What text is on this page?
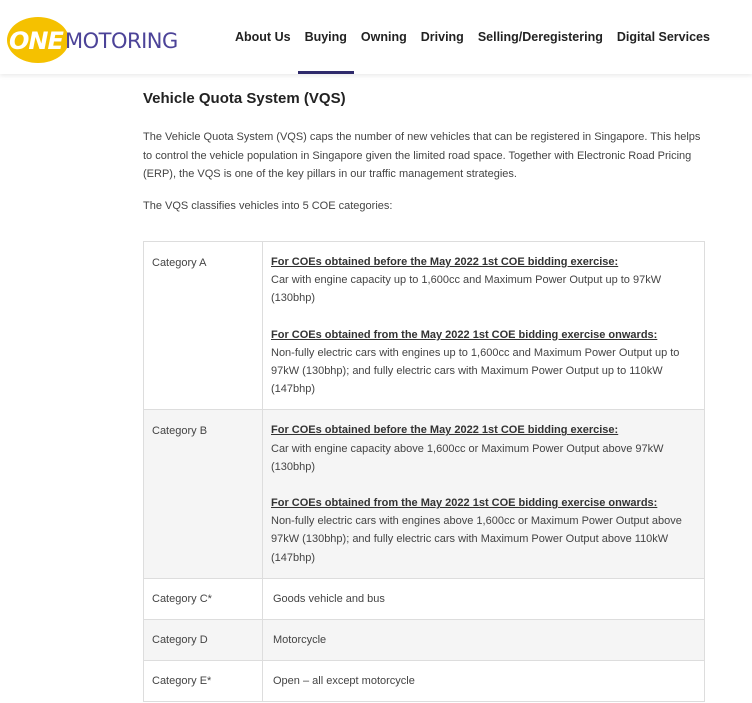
ONE MOTORING	About Us	Buying	Owning	Driving	Selling/Deregistering	Digital Services
Vehicle Quota System (VQS)

The Vehicle Quota System (VQS) caps the number of new vehicles that can be registered in Singapore. This helps to control the vehicle population in Singapore given the limited road space. Together with Electronic Road Pricing (ERP), the VQS is one of the key pillars in our traffic management strategies.

The VQS classifies vehicles into 5 COE categories:

Category A	For COEs obtained before the May 2022 1st COE bidding exercise:
Car with engine capacity up to 1,600cc and Maximum Power Output up to 97kW (130bhp)
For COEs obtained from the May 2022 1st COE bidding exercise onwards:
Non-fully electric cars with engines up to 1,600cc and Maximum Power Output up to 97kW (130bhp); and fully electric cars with Maximum Power Output up to 110kW (147bhp)

Category B	For COEs obtained before the May 2022 1st COE bidding exercise:
Car with engine capacity above 1,600cc or Maximum Power Output above 97kW (130bhp)
For COEs obtained from the May 2022 1st COE bidding exercise onwards:
Non-fully electric cars with engines above 1,600cc or Maximum Power Output above 97kW (130bhp); and fully electric cars with Maximum Power Output above 110kW (147bhp)

Category C*	Goods vehicle and bus
Category D	Motorcycle
Category E*	Open – all except motorcycle
